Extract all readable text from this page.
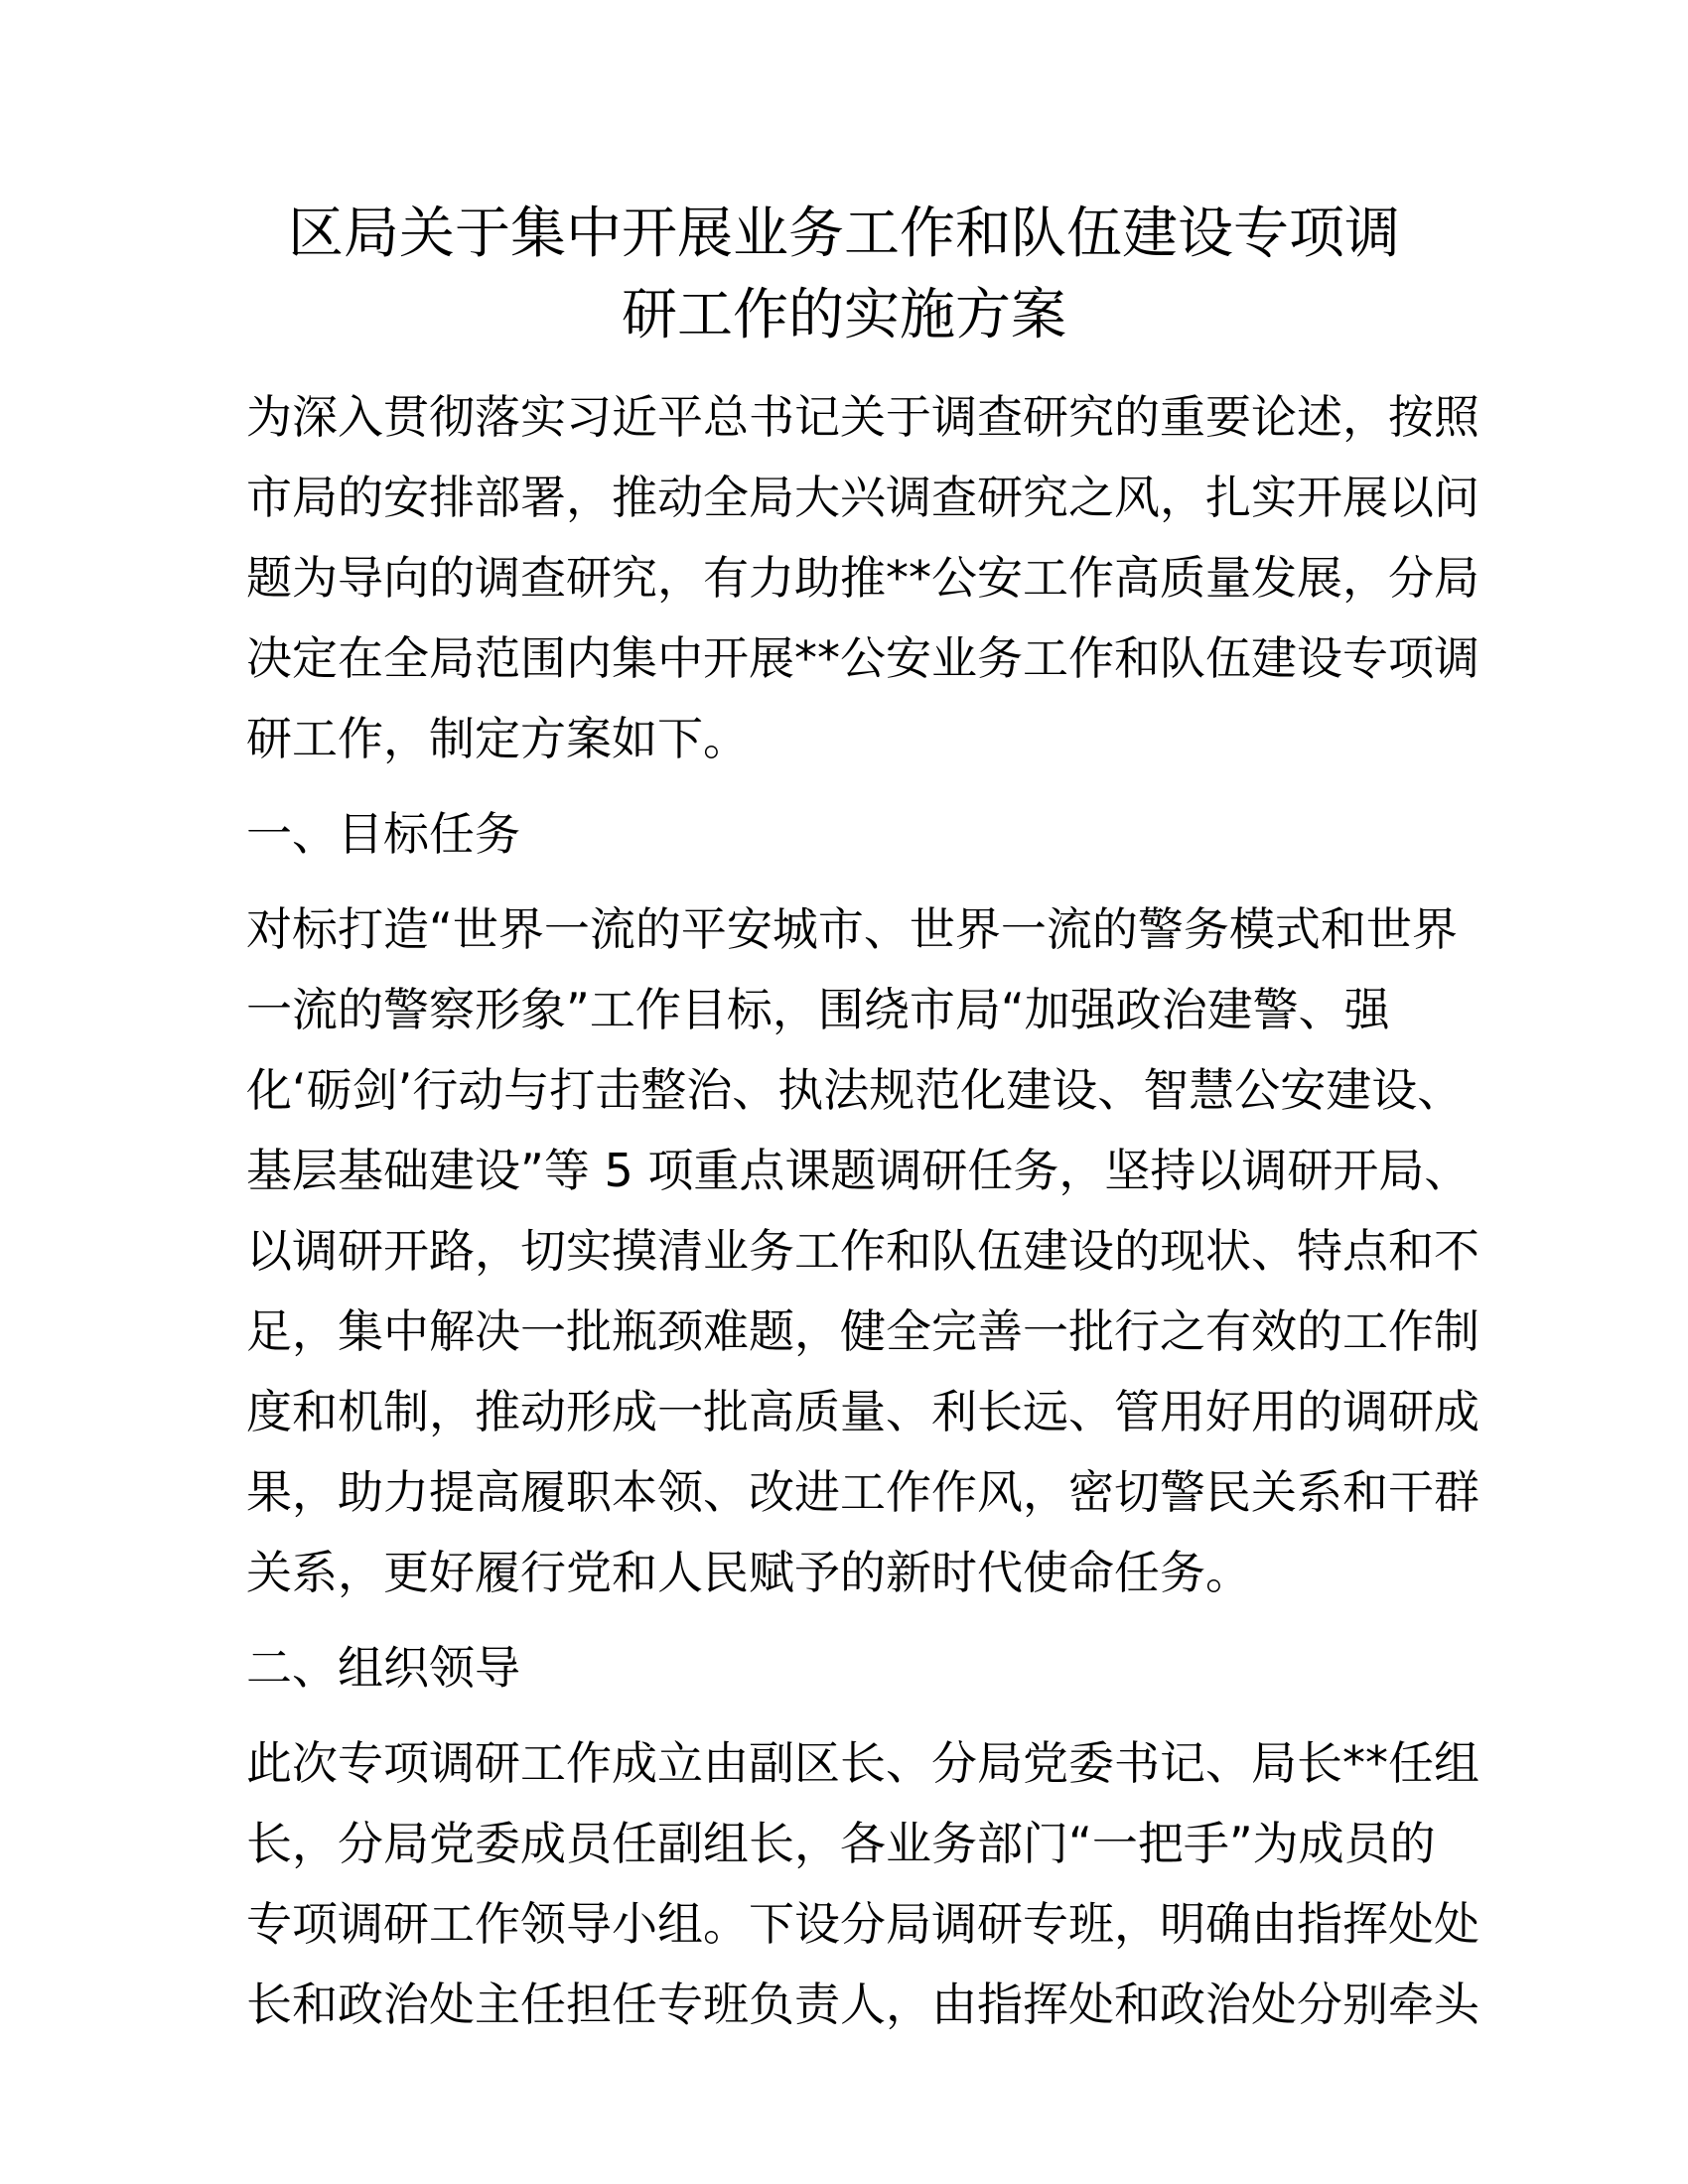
区局关于集中开展业务工作和队伍建设专项调
研工作的实施方案

为深入贯彻落实习近平总书记关于调查研究的重要论述，按照
市局的安排部署，推动全局大兴调查研究之风，扎实开展以问
题为导向的调查研究，有力助推**公安工作高质量发展，分局
决定在全局范围内集中开展**公安业务工作和队伍建设专项调
研工作，制定方案如下。

一、目标任务

对标打造“世界一流的平安城市、世界一流的警务模式和世界
一流的警察形象”工作目标，围绕市局“加强政治建警、强
化‘砺剑’行动与打击整治、执法规范化建设、智慧公安建设、
基层基础建设”等 5 项重点课题调研任务，坚持以调研开局、
以调研开路，切实摸清业务工作和队伍建设的现状、特点和不
足，集中解决一批瓶颈难题，健全完善一批行之有效的工作制
度和机制，推动形成一批高质量、利长远、管用好用的调研成
果，助力提高履职本领、改进工作作风，密切警民关系和干群
关系，更好履行党和人民赋予的新时代使命任务。

二、组织领导

此次专项调研工作成立由副区长、分局党委书记、局长**任组
长，分局党委成员任副组长，各业务部门“一把手”为成员的
专项调研工作领导小组。下设分局调研专班，明确由指挥处处
长和政治处主任担任专班负责人，由指挥处和政治处分别牵头
